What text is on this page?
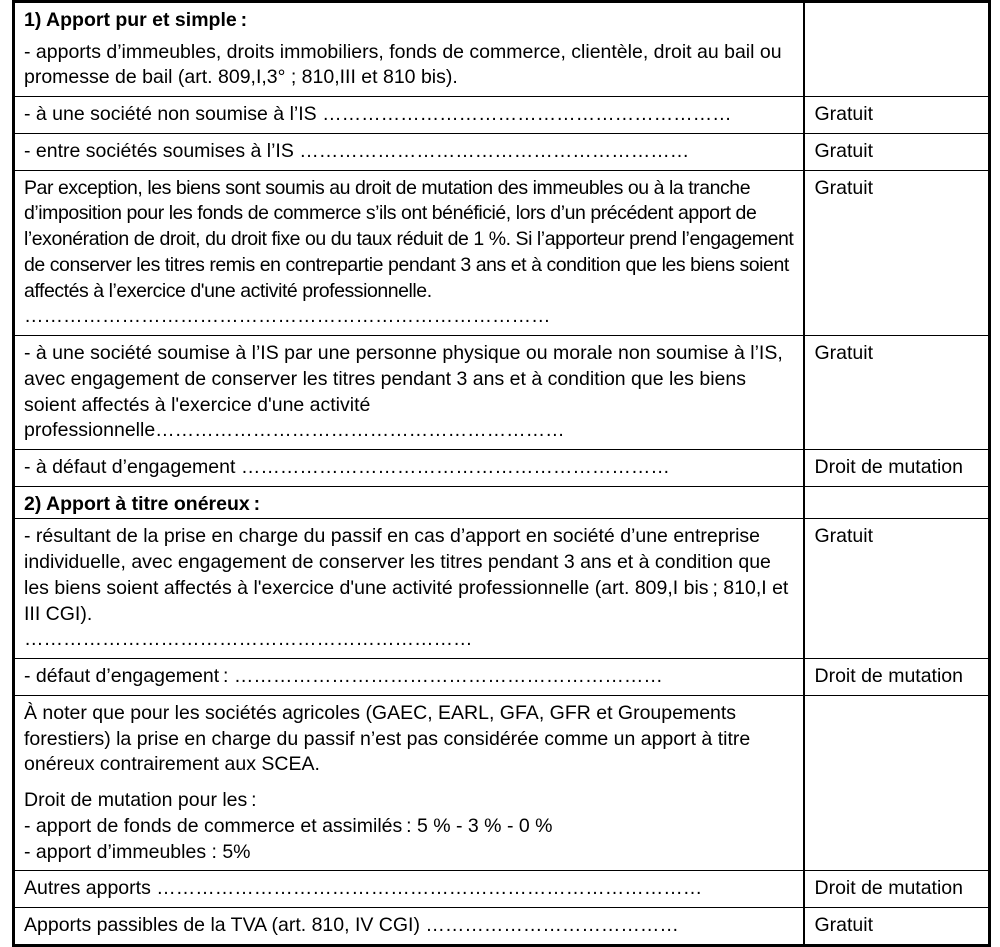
1) Apport pur et simple :	
- apports d’immeubles, droits immobiliers, fonds de commerce, clientèle, droit au bail ou promesse de bail (art. 809,I,3° ; 810,III et 810 bis).	
- à une société non soumise à l’IS ………………………………………………………	Gratuit
- entre sociétés soumises à l’IS ……………………………………………………	Gratuit

Par exception, les biens sont soumis au droit de mutation des immeubles ou à la tranche d’imposition pour les fonds de commerce s’ils ont bénéficié, lors d’un précédent apport de l’exonération de droit, du droit fixe ou du taux réduit de 1 %. Si l’apporteur prend l’engagement de conserver les titres remis en contrepartie pendant 3 ans et à condition que les biens soient affectés à l’exercice d'une activité professionnelle.
………………………………………………………………………	Gratuit
- à une société soumise à l’IS par une personne physique ou morale non soumise à l’IS, avec engagement de conserver les titres pendant 3 ans et à condition que les biens soient affectés à l'exercice d'une activité professionnelle………………………………………………………	Gratuit
- à défaut d’engagement …………………………………………………………	Droit de mutation
2) Apport à titre onéreux :	

- résultant de la prise en charge du passif en cas d’apport en société d’une entreprise individuelle, avec engagement de conserver les titres pendant 3 ans et à condition que les biens soient affectés à l'exercice d'une activité professionnelle (art. 809,I bis ; 810,I et III CGI).
……………………………………………………………	Gratuit
- défaut d’engagement : …………………………………………………………	Droit de mutation
À noter que pour les sociétés agricoles (GAEC, EARL, GFA, GFR et Groupements forestiers) la prise en charge du passif n’est pas considérée comme un apport à titre onéreux contrairement aux SCEA.	

Droit de mutation pour les :
- apport de fonds de commerce et assimilés : 5 % - 3 % - 0 %
- apport d’immeubles : 5%	

Autres apports …………………………………………………………………………	Droit de mutation
Apports passibles de la TVA (art. 810, IV CGI) …………………………………	Gratuit
